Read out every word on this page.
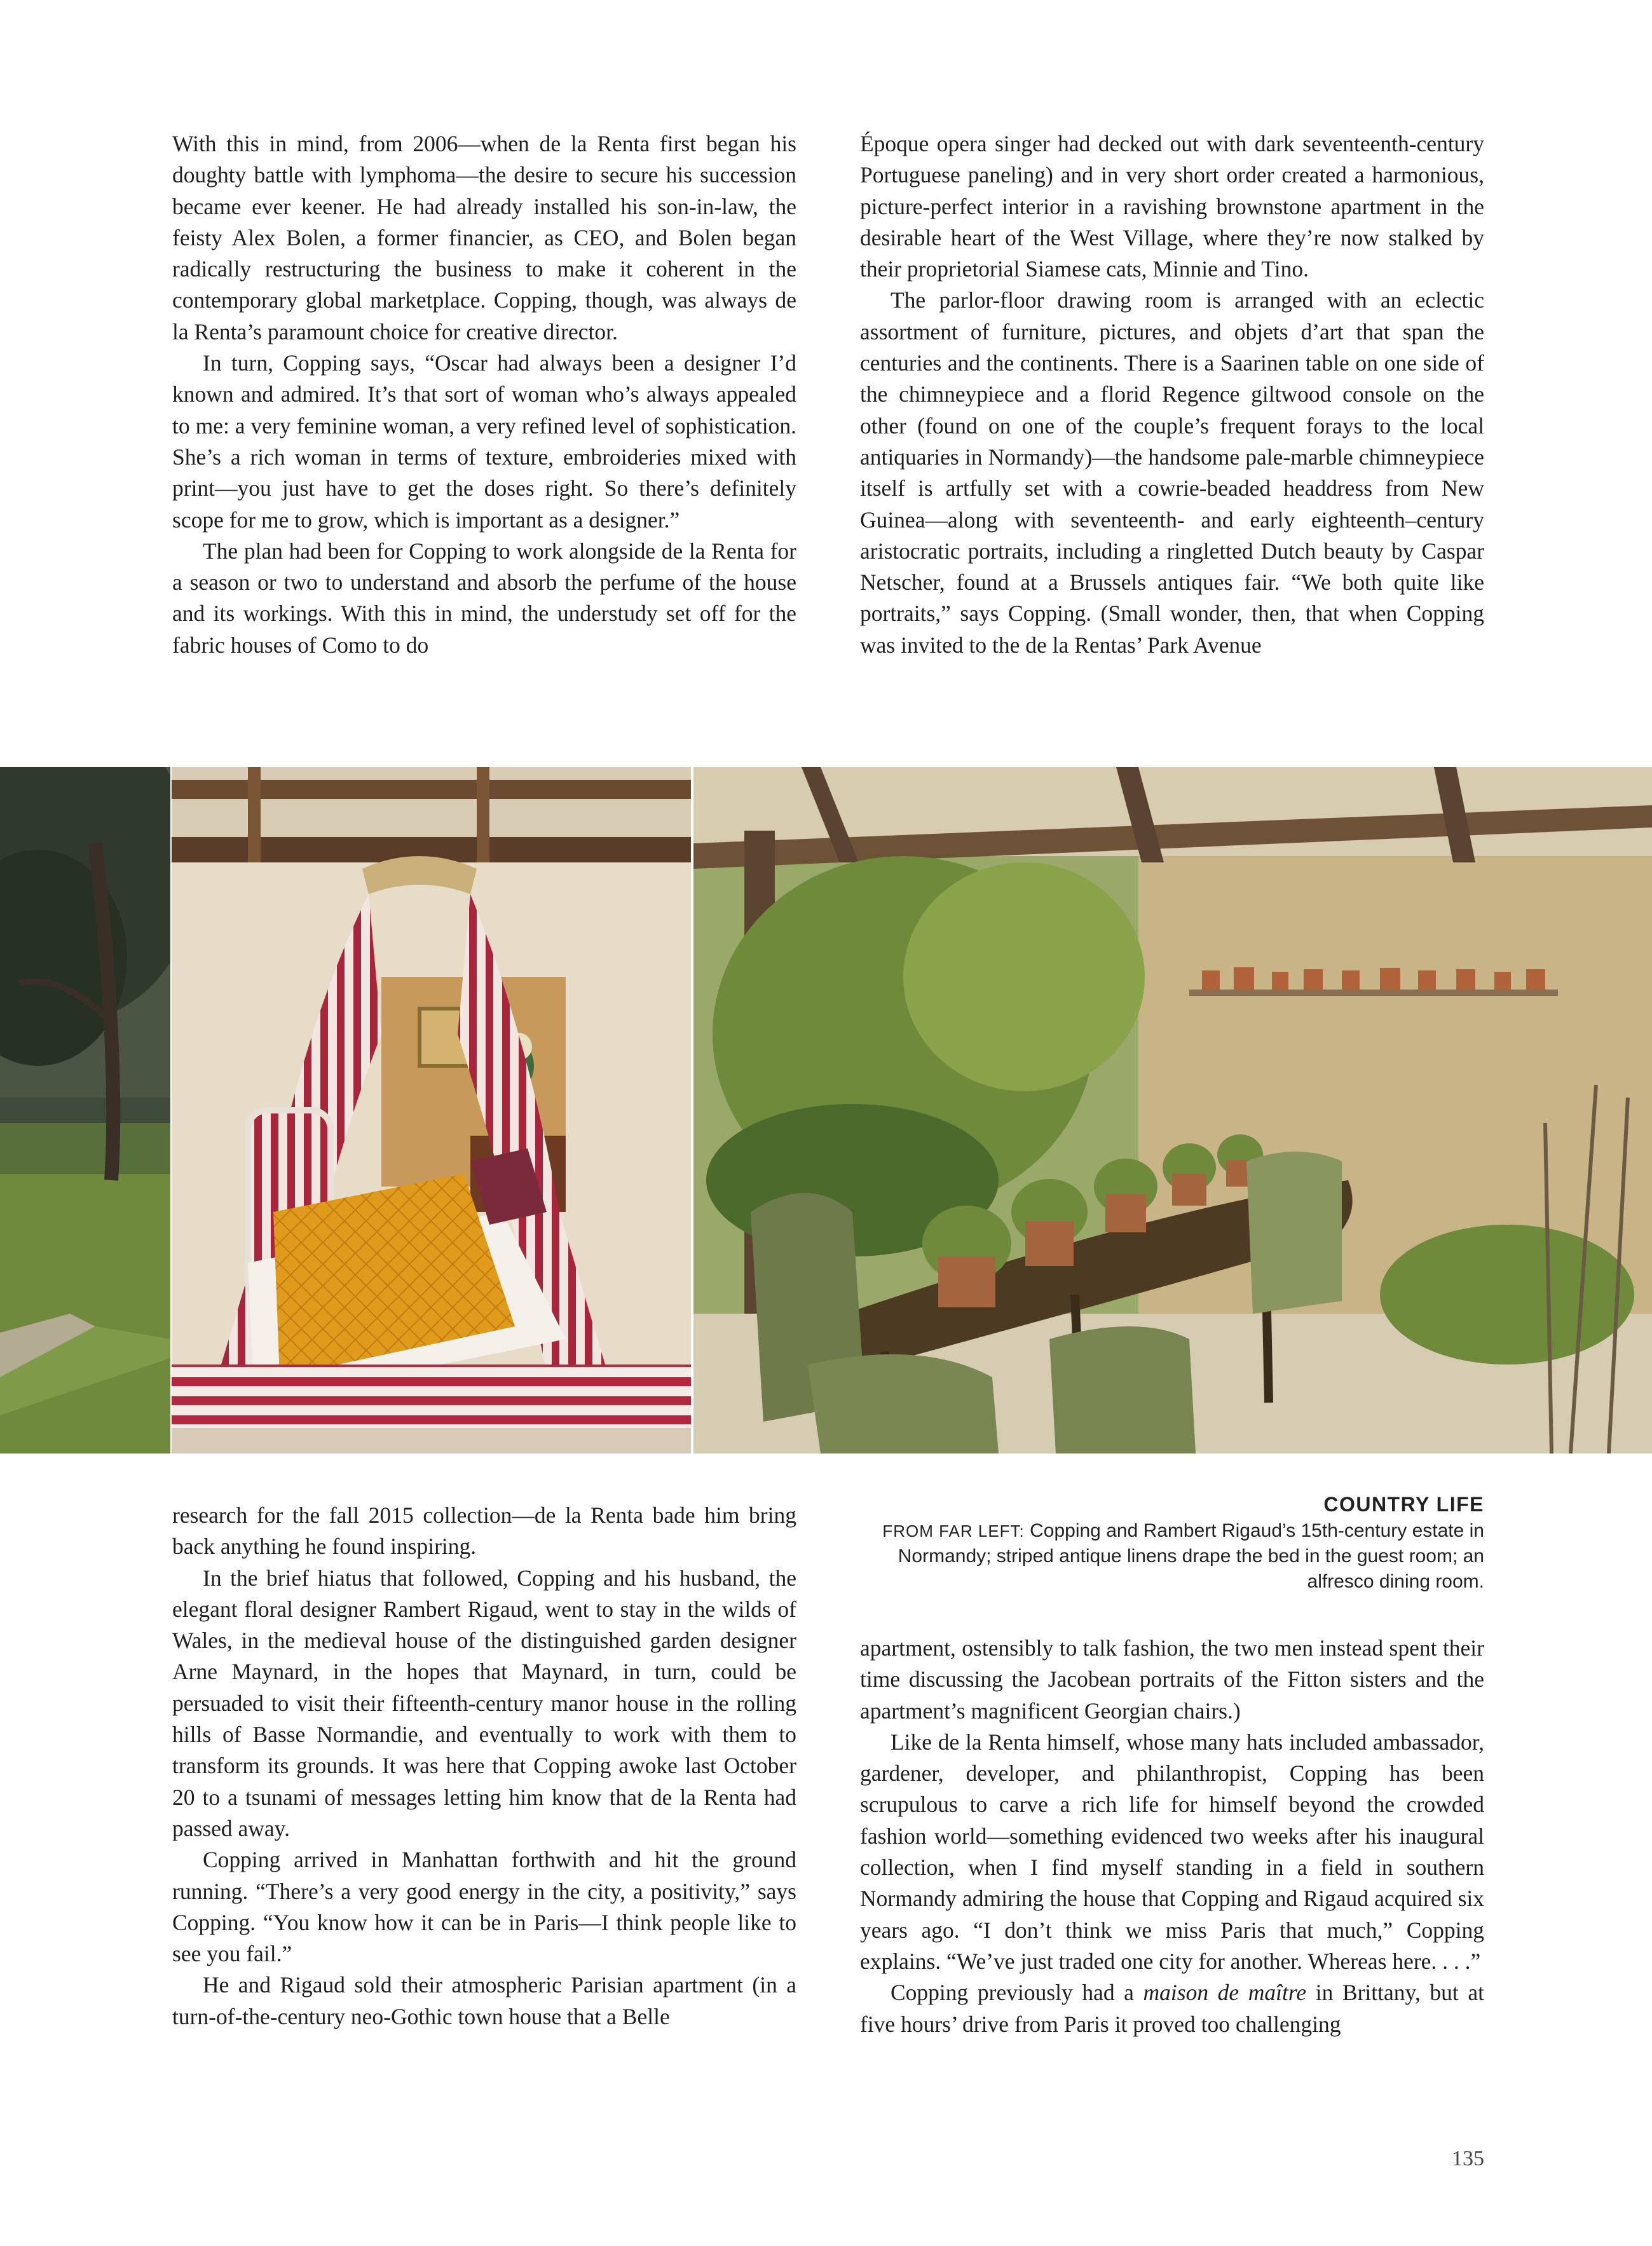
With this in mind, from 2006—when de la Renta first began his doughty battle with lymphoma—the desire to secure his succession became ever keener. He had already installed his son-in-law, the feisty Alex Bolen, a former financier, as CEO, and Bolen began radically restructuring the business to make it coherent in the contemporary global marketplace. Copping, though, was always de la Renta’s paramount choice for creative director.

In turn, Copping says, “Oscar had always been a designer I’d known and admired. It’s that sort of woman who’s always appealed to me: a very feminine woman, a very refined level of sophistication. She’s a rich woman in terms of texture, embroideries mixed with print—you just have to get the doses right. So there’s definitely scope for me to grow, which is important as a designer.”

The plan had been for Copping to work alongside de la Renta for a season or two to understand and absorb the perfume of the house and its workings. With this in mind, the understudy set off for the fabric houses of Como to do

Époque opera singer had decked out with dark seventeenth-century Portuguese paneling) and in very short order created a harmonious, picture-perfect interior in a ravishing brownstone apartment in the desirable heart of the West Village, where they’re now stalked by their proprietorial Siamese cats, Minnie and Tino.

The parlor-floor drawing room is arranged with an eclectic assortment of furniture, pictures, and objets d’art that span the centuries and the continents. There is a Saarinen table on one side of the chimneypiece and a florid Regence giltwood console on the other (found on one of the couple’s frequent forays to the local antiquaries in Normandy)—the handsome pale-marble chimneypiece itself is artfully set with a cowrie-beaded headdress from New Guinea—along with seventeenth- and early eighteenth–century aristocratic portraits, including a ringletted Dutch beauty by Caspar Netscher, found at a Brussels antiques fair. “We both quite like portraits,” says Copping. (Small wonder, then, that when Copping was invited to the de la Rentas’ Park Avenue

COUNTRY LIFE
FROM FAR LEFT: Copping and Rambert Rigaud’s 15th-century estate in Normandy; striped antique linens drape the bed in the guest room; an alfresco dining room.

research for the fall 2015 collection—de la Renta bade him bring back anything he found inspiring.

In the brief hiatus that followed, Copping and his husband, the elegant floral designer Rambert Rigaud, went to stay in the wilds of Wales, in the medieval house of the distinguished garden designer Arne Maynard, in the hopes that Maynard, in turn, could be persuaded to visit their fifteenth-century manor house in the rolling hills of Basse Normandie, and eventually to work with them to transform its grounds. It was here that Copping awoke last October 20 to a tsunami of messages letting him know that de la Renta had passed away.

Copping arrived in Manhattan forthwith and hit the ground running. “There’s a very good energy in the city, a positivity,” says Copping. “You know how it can be in Paris—I think people like to see you fail.”

He and Rigaud sold their atmospheric Parisian apartment (in a turn-of-the-century neo-Gothic town house that a Belle

apartment, ostensibly to talk fashion, the two men instead spent their time discussing the Jacobean portraits of the Fitton sisters and the apartment’s magnificent Georgian chairs.)

Like de la Renta himself, whose many hats included ambassador, gardener, developer, and philanthropist, Copping has been scrupulous to carve a rich life for himself beyond the crowded fashion world—something evidenced two weeks after his inaugural collection, when I find myself standing in a field in southern Normandy admiring the house that Copping and Rigaud acquired six years ago. “I don’t think we miss Paris that much,” Copping explains. “We’ve just traded one city for another. Whereas here. . . .”

Copping previously had a maison de maître in Brittany, but at five hours’ drive from Paris it proved too challenging

135
